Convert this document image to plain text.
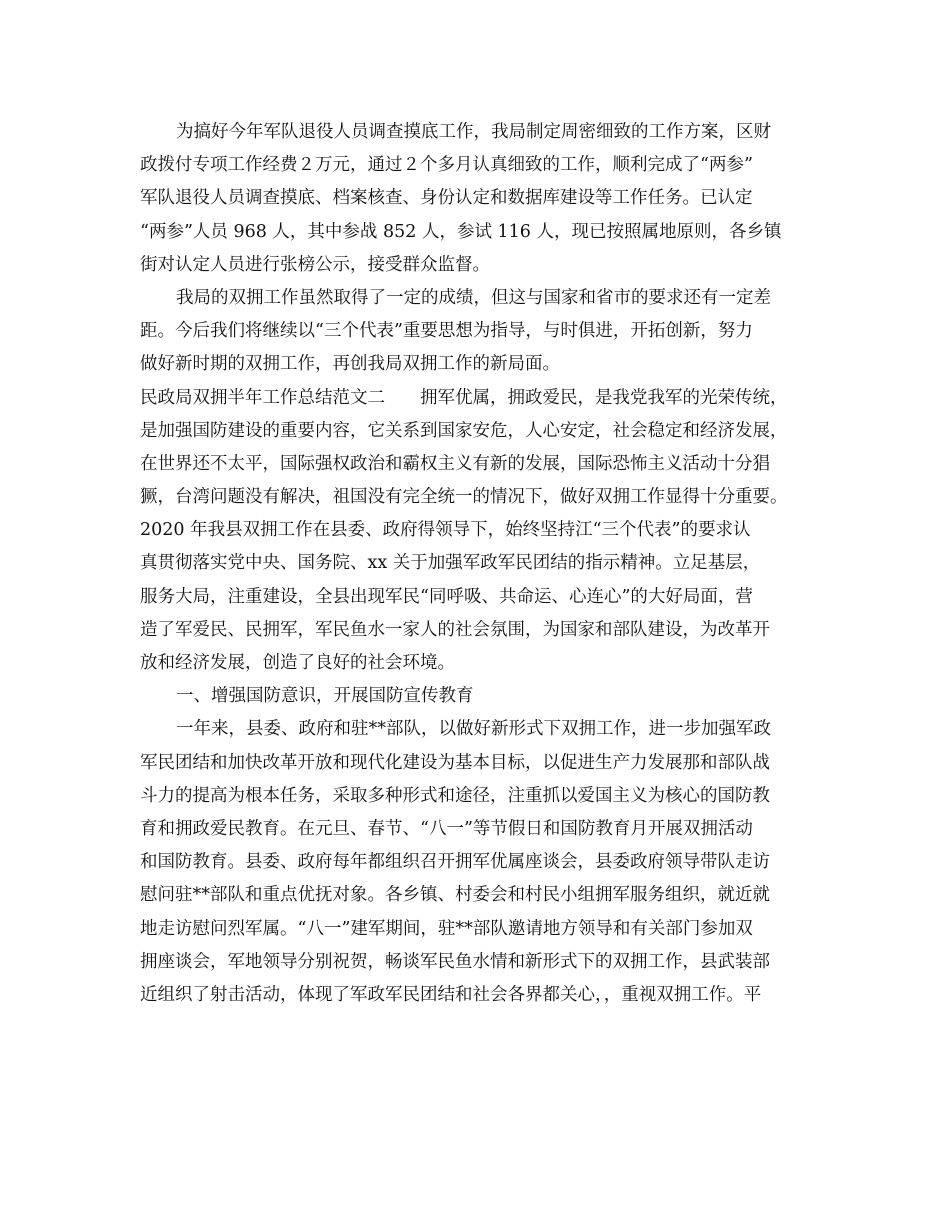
为搞好今年军队退役人员调查摸底工作，我局制定周密细致的工作方案，区财
政拨付专项工作经费２万元，通过２个多月认真细致的工作，顺利完成了“两参”
军队退役人员调查摸底、档案核查、身份认定和数据库建设等工作任务。已认定
“两参”人员 968 人，其中参战 852 人，参试 116 人，现已按照属地原则，各乡镇
街对认定人员进行张榜公示，接受群众监督。
我局的双拥工作虽然取得了一定的成绩，但这与国家和省市的要求还有一定差
距。今后我们将继续以“三个代表”重要思想为指导，与时俱进，开拓创新，努力
做好新时期的双拥工作，再创我局双拥工作的新局面。
民政局双拥半年工作总结范文二　　拥军优属，拥政爱民，是我党我军的光荣传统，
是加强国防建设的重要内容，它关系到国家安危，人心安定，社会稳定和经济发展，
在世界还不太平，国际强权政治和霸权主义有新的发展，国际恐怖主义活动十分猖
獗，台湾问题没有解决，祖国没有完全统一的情况下，做好双拥工作显得十分重要。
2020 年我县双拥工作在县委、政府得领导下，始终坚持江“三个代表”的要求认
真贯彻落实党中央、国务院、xx 关于加强军政军民团结的指示精神。立足基层，
服务大局，注重建设，全县出现军民“同呼吸、共命运、心连心”的大好局面，营
造了军爱民、民拥军，军民鱼水一家人的社会氛围，为国家和部队建设，为改革开
放和经济发展，创造了良好的社会环境。
一、增强国防意识，开展国防宣传教育
一年来，县委、政府和驻**部队，以做好新形式下双拥工作，进一步加强军政
军民团结和加快改革开放和现代化建设为基本目标，以促进生产力发展那和部队战
斗力的提高为根本任务，采取多种形式和途径，注重抓以爱国主义为核心的国防教
育和拥政爱民教育。在元旦、春节、“八一”等节假日和国防教育月开展双拥活动
和国防教育。县委、政府每年都组织召开拥军优属座谈会，县委政府领导带队走访
慰问驻**部队和重点优抚对象。各乡镇、村委会和村民小组拥军服务组织，就近就
地走访慰问烈军属。“八一”建军期间，驻**部队邀请地方领导和有关部门参加双
拥座谈会，军地领导分别祝贺，畅谈军民鱼水情和新形式下的双拥工作，县武装部
近组织了射击活动，体现了军政军民团结和社会各界都关心，，重视双拥工作。平
